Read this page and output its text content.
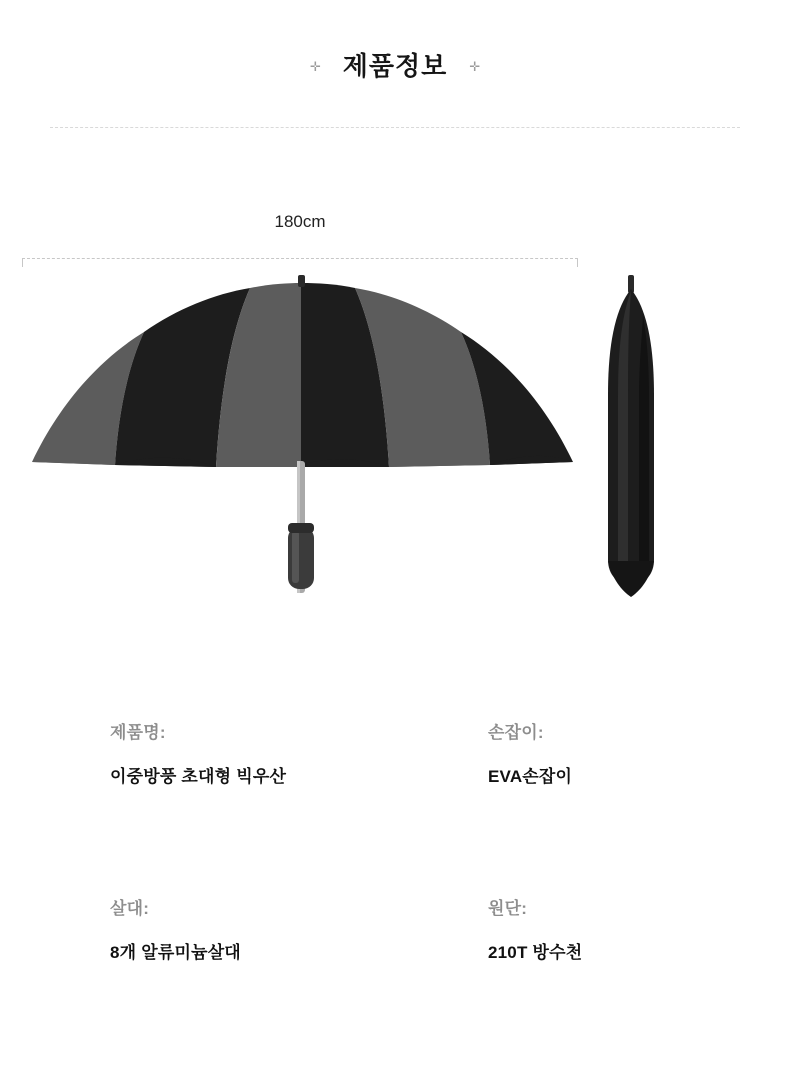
✛ 제품정보 ✛
180cm
제품명:
이중방풍 초대형 빅우산
손잡이:
EVA손잡이
살대:
8개 알류미늄살대
원단:
210T 방수천
